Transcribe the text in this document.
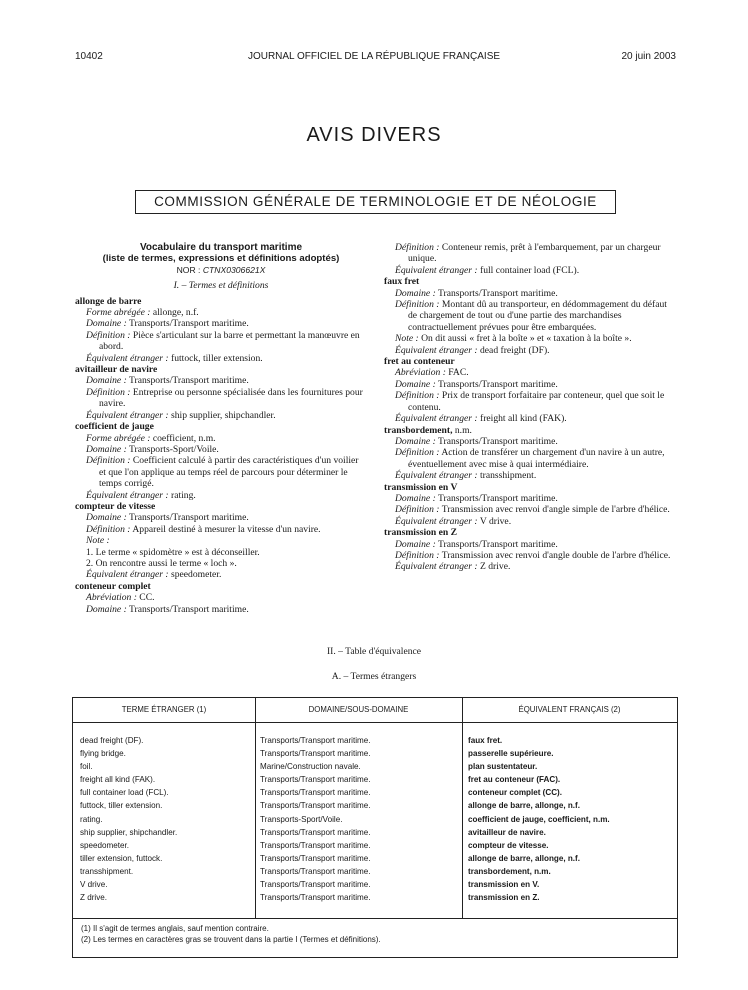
10402	JOURNAL OFFICIEL DE LA RÉPUBLIQUE FRANÇAISE	20 juin 2003
AVIS DIVERS
COMMISSION GÉNÉRALE DE TERMINOLOGIE ET DE NÉOLOGIE
Vocabulaire du transport maritime
(liste de termes, expressions et définitions adoptés)
NOR : CTNX0306621X
I. – Termes et définitions
allonge de barre
Forme abrégée : allonge, n.f.
Domaine : Transports/Transport maritime.
Définition : Pièce s'articulant sur la barre et permettant la manœuvre en abord.
Équivalent étranger : futtock, tiller extension.
avitailleur de navire
Domaine : Transports/Transport maritime.
Définition : Entreprise ou personne spécialisée dans les fournitures pour navire.
Équivalent étranger : ship supplier, shipchandler.
coefficient de jauge
Forme abrégée : coefficient, n.m.
Domaine : Transports-Sport/Voile.
Définition : Coefficient calculé à partir des caractéristiques d'un voilier et que l'on applique au temps réel de parcours pour déterminer le temps corrigé.
Équivalent étranger : rating.
compteur de vitesse
Domaine : Transports/Transport maritime.
Définition : Appareil destiné à mesurer la vitesse d'un navire.
Note :
1. Le terme « spidomètre » est à déconseiller.
2. On rencontre aussi le terme « loch ».
Équivalent étranger : speedometer.
conteneur complet
Abréviation : CC.
Domaine : Transports/Transport maritime.
Définition : Conteneur remis, prêt à l'embarquement, par un chargeur unique.
Équivalent étranger : full container load (FCL).
faux fret
Domaine : Transports/Transport maritime.
Définition : Montant dû au transporteur, en dédommagement du défaut de chargement de tout ou d'une partie des marchandises contractuellement prévues pour être embarquées.
Note : On dit aussi « fret à la boîte » et « taxation à la boîte ».
Équivalent étranger : dead freight (DF).
fret au conteneur
Abréviation : FAC.
Domaine : Transports/Transport maritime.
Définition : Prix de transport forfaitaire par conteneur, quel que soit le contenu.
Équivalent étranger : freight all kind (FAK).
transbordement, n.m.
Domaine : Transports/Transport maritime.
Définition : Action de transférer un chargement d'un navire à un autre, éventuellement avec mise à quai intermédiaire.
Équivalent étranger : transshipment.
transmission en V
Domaine : Transports/Transport maritime.
Définition : Transmission avec renvoi d'angle simple de l'arbre d'hélice.
Équivalent étranger : V drive.
transmission en Z
Domaine : Transports/Transport maritime.
Définition : Transmission avec renvoi d'angle double de l'arbre d'hélice.
Équivalent étranger : Z drive.
II. – Table d'équivalence
A. – Termes étrangers
TERME ÉTRANGER (1)
dead freight (DF).
flying bridge.
foil.
freight all kind (FAK).
full container load (FCL).
futtock, tiller extension.
rating.
ship supplier, shipchandler.
speedometer.
tiller extension, futtock.
transshipment.
V drive.
Z drive.
DOMAINE/SOUS-DOMAINE
Transports/Transport maritime.
Transports/Transport maritime.
Marine/Construction navale.
Transports/Transport maritime.
Transports/Transport maritime.
Transports/Transport maritime.
Transports-Sport/Voile.
Transports/Transport maritime.
Transports/Transport maritime.
Transports/Transport maritime.
Transports/Transport maritime.
Transports/Transport maritime.
Transports/Transport maritime.
ÉQUIVALENT FRANÇAIS (2)
faux fret.
passerelle supérieure.
plan sustentateur.
fret au conteneur (FAC).
conteneur complet (CC).
allonge de barre, allonge, n.f.
coefficient de jauge, coefficient, n.m.
avitailleur de navire.
compteur de vitesse.
allonge de barre, allonge, n.f.
transbordement, n.m.
transmission en V.
transmission en Z.
(1) Il s'agit de termes anglais, sauf mention contraire.
(2) Les termes en caractères gras se trouvent dans la partie I (Termes et définitions).
